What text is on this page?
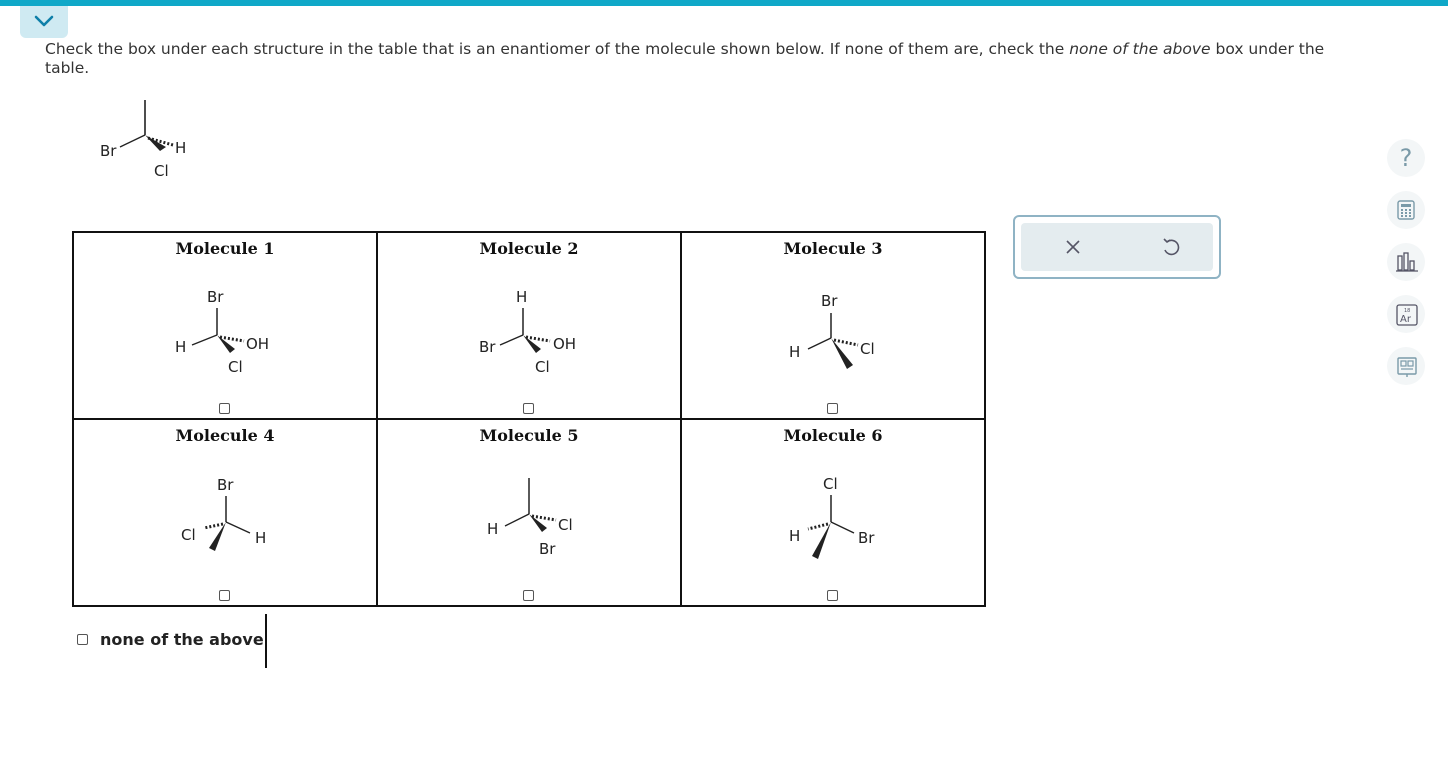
Check the box under each structure in the table that is an enantiomer of the molecule shown below. If none of them are, check the none of the above box under the table.
Br	H
Cl
Molecule 1
Br
H OH
Cl	Molecule 2
H
Br OH
Cl	Molecule 3
Br
H Cl

Molecule 4
Br
Cl H	Molecule 5
H Cl
Br	Molecule 6
Cl
H Br
none of the above
?
18
Ar
